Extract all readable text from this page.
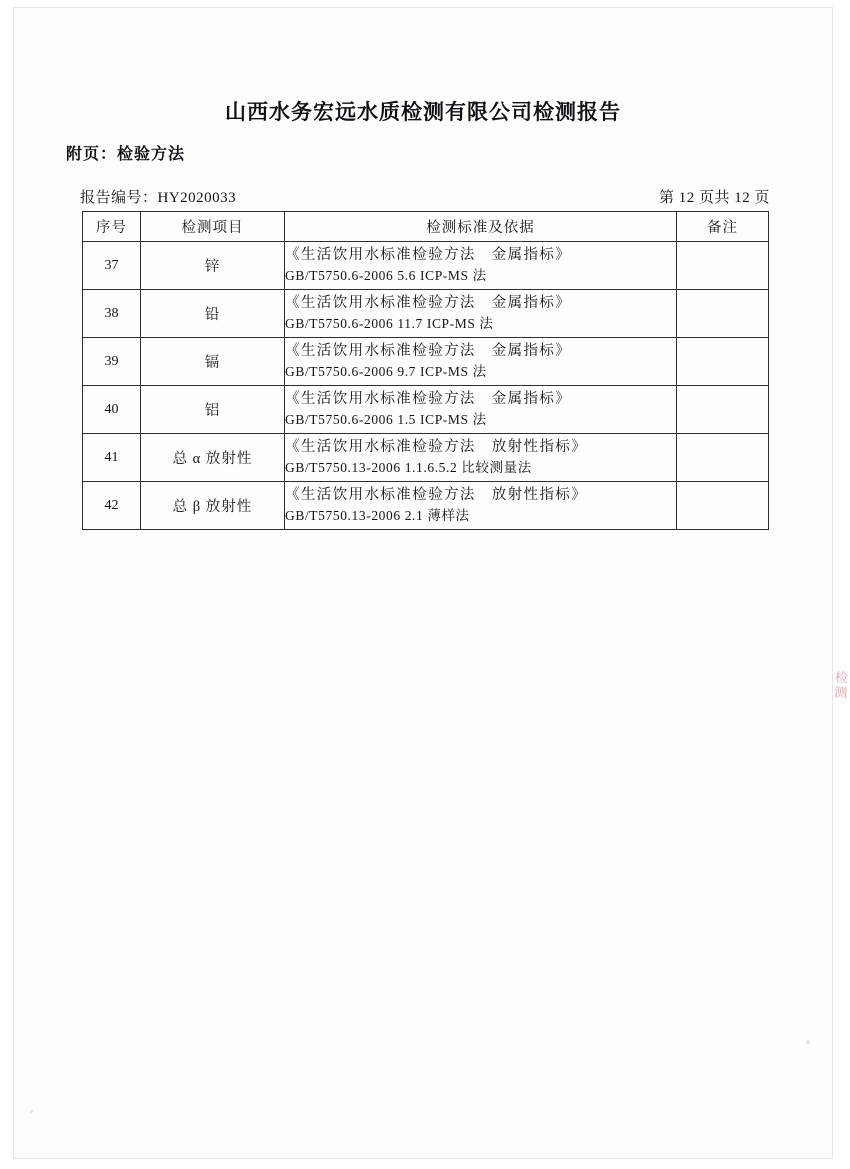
山西水务宏远水质检测有限公司检测报告
附页：检验方法
报告编号：HY2020033	第 12 页共 12 页
序号	检测项目	检测标准及依据	备注
37	锌	《生活饮用水标准检验方法　金属指标》
GB/T5750.6-2006 5.6 ICP-MS 法	

38	铅	《生活饮用水标准检验方法　金属指标》
GB/T5750.6-2006 11.7 ICP-MS 法	

39	镉	《生活饮用水标准检验方法　金属指标》
GB/T5750.6-2006 9.7 ICP-MS 法	

40	铝	《生活饮用水标准检验方法　金属指标》
GB/T5750.6-2006 1.5 ICP-MS 法	

41	总 α 放射性	《生活饮用水标准检验方法　放射性指标》
GB/T5750.13-2006 1.1.6.5.2 比较测量法	

42	总 β 放射性	《生活饮用水标准检验方法　放射性指标》
GB/T5750.13-2006 2.1 薄样法	

检测
